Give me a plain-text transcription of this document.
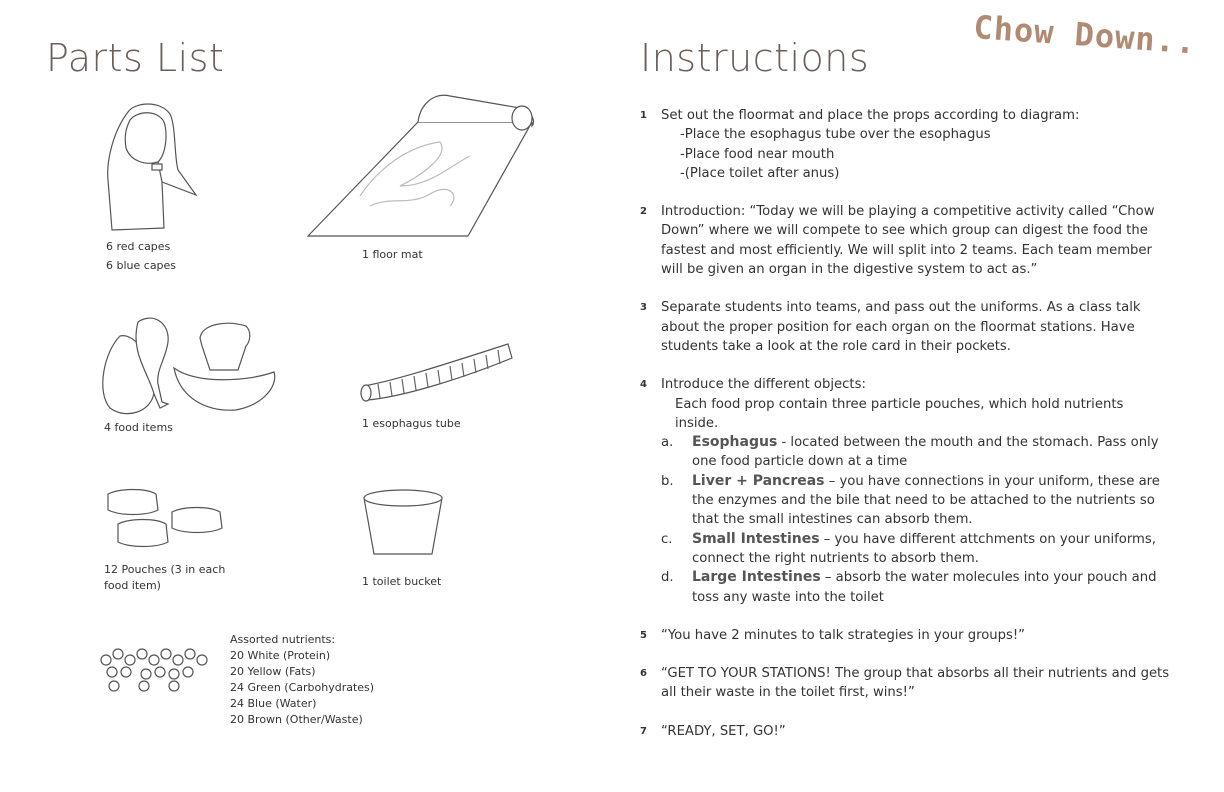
Parts List
6 red capes
6 blue capes
1 floor mat
4 food items	1 esophagus tube
12 Pouches (3 in each
food item)	1 toilet bucket
Assorted nutrients:
20 White (Protein)
20 Yellow (Fats)
24 Green (Carbohydrates)
24 Blue (Water)
20 Brown (Other/Waste)
Instructions	Chow Down..
1 Set out the floormat and place the props according to diagram:
-Place the esophagus tube over the esophagus
-Place food near mouth
-(Place toilet after anus)
2 Introduction: “Today we will be playing a competitive activity called “Chow Down” where we will compete to see which group can digest the food the fastest and most efficiently. We will split into 2 teams. Each team member will be given an organ in the digestive system to act as.”
3 Separate students into teams, and pass out the uniforms. As a class talk about the proper position for each organ on the floormat stations. Have students take a look at the role card in their pockets.
4 Introduce the different objects:
Each food prop contain three particle pouches, which hold nutrients inside.
a. Esophagus - located between the mouth and the stomach. Pass only one food particle down at a time
b. Liver + Pancreas – you have connections in your uniform, these are the enzymes and the bile that need to be attached to the nutrients so that the small intestines can absorb them.
c. Small Intestines – you have different attchments on your uniforms, connect the right nutrients to absorb them.
d. Large Intestines – absorb the water molecules into your pouch and toss any waste into the toilet
5 “You have 2 minutes to talk strategies in your groups!”
6 “GET TO YOUR STATIONS! The group that absorbs all their nutrients and gets all their waste in the toilet first, wins!”
7 “READY, SET, GO!”
